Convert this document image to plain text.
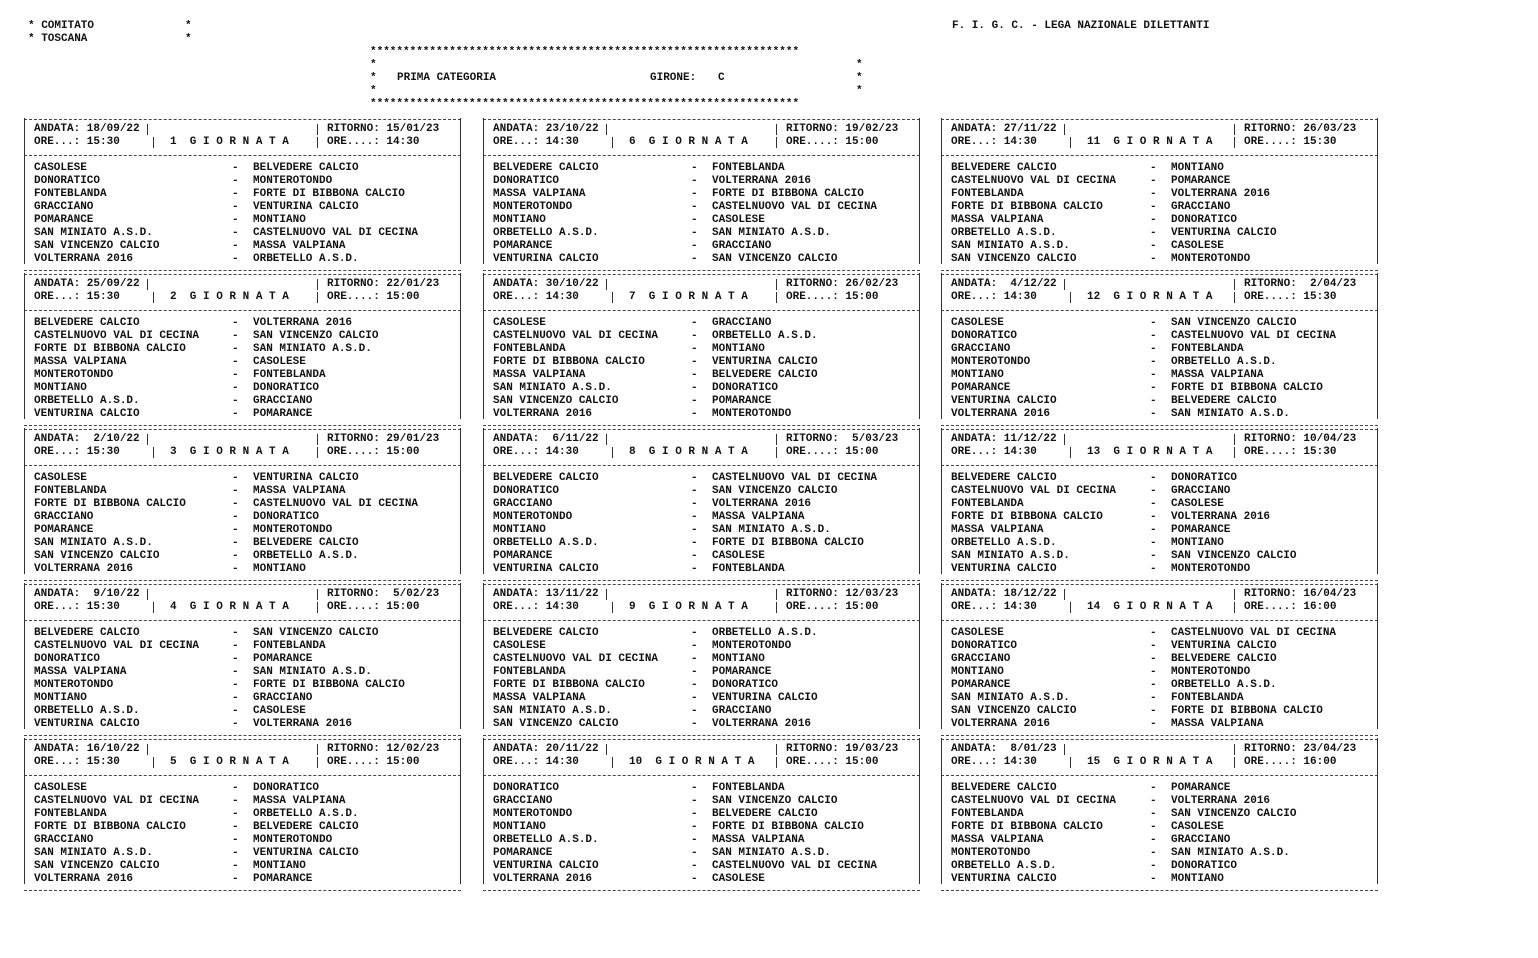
* COMITATO
* TOSCANA
*
*
F. I. G. C. - LEGA NAZIONALE DILETTANTI
*****************************************************************
*	*
* PRIMA CATEGORIA	GIRONE: C	*
*	*
*****************************************************************
ANDATA: 18/09/22	RITORNO: 15/01/23
ORE...: 15:30	1  G I O R N A T A	ORE....: 14:30
CASOLESE	- BELVEDERE CALCIO
DONORATICO	- MONTEROTONDO
FONTEBLANDA	- FORTE DI BIBBONA CALCIO
GRACCIANO	- VENTURINA CALCIO
POMARANCE	- MONTIANO
SAN MINIATO A.S.D.	- CASTELNUOVO VAL DI CECINA
SAN VINCENZO CALCIO	- MASSA VALPIANA
VOLTERRANA 2016	- ORBETELLO A.S.D.
ANDATA: 25/09/22	RITORNO: 22/01/23
ORE...: 15:30	2  G I O R N A T A	ORE....: 15:00
BELVEDERE CALCIO	- VOLTERRANA 2016
CASTELNUOVO VAL DI CECINA	- SAN VINCENZO CALCIO
FORTE DI BIBBONA CALCIO	- SAN MINIATO A.S.D.
MASSA VALPIANA	- CASOLESE
MONTEROTONDO	- FONTEBLANDA
MONTIANO	- DONORATICO
ORBETELLO A.S.D.	- GRACCIANO
VENTURINA CALCIO	- POMARANCE
ANDATA:  2/10/22	RITORNO: 29/01/23
ORE...: 15:30	3  G I O R N A T A	ORE....: 15:00
CASOLESE	- VENTURINA CALCIO
FONTEBLANDA	- MASSA VALPIANA
FORTE DI BIBBONA CALCIO	- CASTELNUOVO VAL DI CECINA
GRACCIANO	- DONORATICO
POMARANCE	- MONTEROTONDO
SAN MINIATO A.S.D.	- BELVEDERE CALCIO
SAN VINCENZO CALCIO	- ORBETELLO A.S.D.
VOLTERRANA 2016	- MONTIANO
ANDATA:  9/10/22	RITORNO:  5/02/23
ORE...: 15:30	4  G I O R N A T A	ORE....: 15:00
BELVEDERE CALCIO	- SAN VINCENZO CALCIO
CASTELNUOVO VAL DI CECINA	- FONTEBLANDA
DONORATICO	- POMARANCE
MASSA VALPIANA	- SAN MINIATO A.S.D.
MONTEROTONDO	- FORTE DI BIBBONA CALCIO
MONTIANO	- GRACCIANO
ORBETELLO A.S.D.	- CASOLESE
VENTURINA CALCIO	- VOLTERRANA 2016
ANDATA: 16/10/22	RITORNO: 12/02/23
ORE...: 15:30	5  G I O R N A T A	ORE....: 15:00
CASOLESE	- DONORATICO
CASTELNUOVO VAL DI CECINA	- MASSA VALPIANA
FONTEBLANDA	- ORBETELLO A.S.D.
FORTE DI BIBBONA CALCIO	- BELVEDERE CALCIO
GRACCIANO	- MONTEROTONDO
SAN MINIATO A.S.D.	- VENTURINA CALCIO
SAN VINCENZO CALCIO	- MONTIANO
VOLTERRANA 2016	- POMARANCE
ANDATA: 23/10/22	RITORNO: 19/02/23
ORE...: 14:30	6  G I O R N A T A	ORE....: 15:00
BELVEDERE CALCIO	- FONTEBLANDA
DONORATICO	- VOLTERRANA 2016
MASSA VALPIANA	- FORTE DI BIBBONA CALCIO
MONTEROTONDO	- CASTELNUOVO VAL DI CECINA
MONTIANO	- CASOLESE
ORBETELLO A.S.D.	- SAN MINIATO A.S.D.
POMARANCE	- GRACCIANO
VENTURINA CALCIO	- SAN VINCENZO CALCIO
ANDATA: 30/10/22	RITORNO: 26/02/23
ORE...: 14:30	7  G I O R N A T A	ORE....: 15:00
CASOLESE	- GRACCIANO
CASTELNUOVO VAL DI CECINA	- ORBETELLO A.S.D.
FONTEBLANDA	- MONTIANO
FORTE DI BIBBONA CALCIO	- VENTURINA CALCIO
MASSA VALPIANA	- BELVEDERE CALCIO
SAN MINIATO A.S.D.	- DONORATICO
SAN VINCENZO CALCIO	- POMARANCE
VOLTERRANA 2016	- MONTEROTONDO
ANDATA:  6/11/22	RITORNO:  5/03/23
ORE...: 14:30	8  G I O R N A T A	ORE....: 15:00
BELVEDERE CALCIO	- CASTELNUOVO VAL DI CECINA
DONORATICO	- SAN VINCENZO CALCIO
GRACCIANO	- VOLTERRANA 2016
MONTEROTONDO	- MASSA VALPIANA
MONTIANO	- SAN MINIATO A.S.D.
ORBETELLO A.S.D.	- FORTE DI BIBBONA CALCIO
POMARANCE	- CASOLESE
VENTURINA CALCIO	- FONTEBLANDA
ANDATA: 13/11/22	RITORNO: 12/03/23
ORE...: 14:30	9  G I O R N A T A	ORE....: 15:00
BELVEDERE CALCIO	- ORBETELLO A.S.D.
CASOLESE	- MONTEROTONDO
CASTELNUOVO VAL DI CECINA	- MONTIANO
FONTEBLANDA	- POMARANCE
FORTE DI BIBBONA CALCIO	- DONORATICO
MASSA VALPIANA	- VENTURINA CALCIO
SAN MINIATO A.S.D.	- GRACCIANO
SAN VINCENZO CALCIO	- VOLTERRANA 2016
ANDATA: 20/11/22	RITORNO: 19/03/23
ORE...: 14:30	10  G I O R N A T A	ORE....: 15:00
DONORATICO	- FONTEBLANDA
GRACCIANO	- SAN VINCENZO CALCIO
MONTEROTONDO	- BELVEDERE CALCIO
MONTIANO	- FORTE DI BIBBONA CALCIO
ORBETELLO A.S.D.	- MASSA VALPIANA
POMARANCE	- SAN MINIATO A.S.D.
VENTURINA CALCIO	- CASTELNUOVO VAL DI CECINA
VOLTERRANA 2016	- CASOLESE
ANDATA: 27/11/22	RITORNO: 26/03/23
ORE...: 14:30	11  G I O R N A T A	ORE....: 15:30
BELVEDERE CALCIO	- MONTIANO
CASTELNUOVO VAL DI CECINA	- POMARANCE
FONTEBLANDA	- VOLTERRANA 2016
FORTE DI BIBBONA CALCIO	- GRACCIANO
MASSA VALPIANA	- DONORATICO
ORBETELLO A.S.D.	- VENTURINA CALCIO
SAN MINIATO A.S.D.	- CASOLESE
SAN VINCENZO CALCIO	- MONTEROTONDO
ANDATA:  4/12/22	RITORNO:  2/04/23
ORE...: 14:30	12  G I O R N A T A	ORE....: 15:30
CASOLESE	- SAN VINCENZO CALCIO
DONORATICO	- CASTELNUOVO VAL DI CECINA
GRACCIANO	- FONTEBLANDA
MONTEROTONDO	- ORBETELLO A.S.D.
MONTIANO	- MASSA VALPIANA
POMARANCE	- FORTE DI BIBBONA CALCIO
VENTURINA CALCIO	- BELVEDERE CALCIO
VOLTERRANA 2016	- SAN MINIATO A.S.D.
ANDATA: 11/12/22	RITORNO: 10/04/23
ORE...: 14:30	13  G I O R N A T A	ORE....: 15:30
BELVEDERE CALCIO	- DONORATICO
CASTELNUOVO VAL DI CECINA	- GRACCIANO
FONTEBLANDA	- CASOLESE
FORTE DI BIBBONA CALCIO	- VOLTERRANA 2016
MASSA VALPIANA	- POMARANCE
ORBETELLO A.S.D.	- MONTIANO
SAN MINIATO A.S.D.	- SAN VINCENZO CALCIO
VENTURINA CALCIO	- MONTEROTONDO
ANDATA: 18/12/22	RITORNO: 16/04/23
ORE...: 14:30	14  G I O R N A T A	ORE....: 16:00
CASOLESE	- CASTELNUOVO VAL DI CECINA
DONORATICO	- VENTURINA CALCIO
GRACCIANO	- BELVEDERE CALCIO
MONTIANO	- MONTEROTONDO
POMARANCE	- ORBETELLO A.S.D.
SAN MINIATO A.S.D.	- FONTEBLANDA
SAN VINCENZO CALCIO	- FORTE DI BIBBONA CALCIO
VOLTERRANA 2016	- MASSA VALPIANA
ANDATA:  8/01/23	RITORNO: 23/04/23
ORE...: 14:30	15  G I O R N A T A	ORE....: 16:00
BELVEDERE CALCIO	- POMARANCE
CASTELNUOVO VAL DI CECINA	- VOLTERRANA 2016
FONTEBLANDA	- SAN VINCENZO CALCIO
FORTE DI BIBBONA CALCIO	- CASOLESE
MASSA VALPIANA	- GRACCIANO
MONTEROTONDO	- SAN MINIATO A.S.D.
ORBETELLO A.S.D.	- DONORATICO
VENTURINA CALCIO	- MONTIANO
